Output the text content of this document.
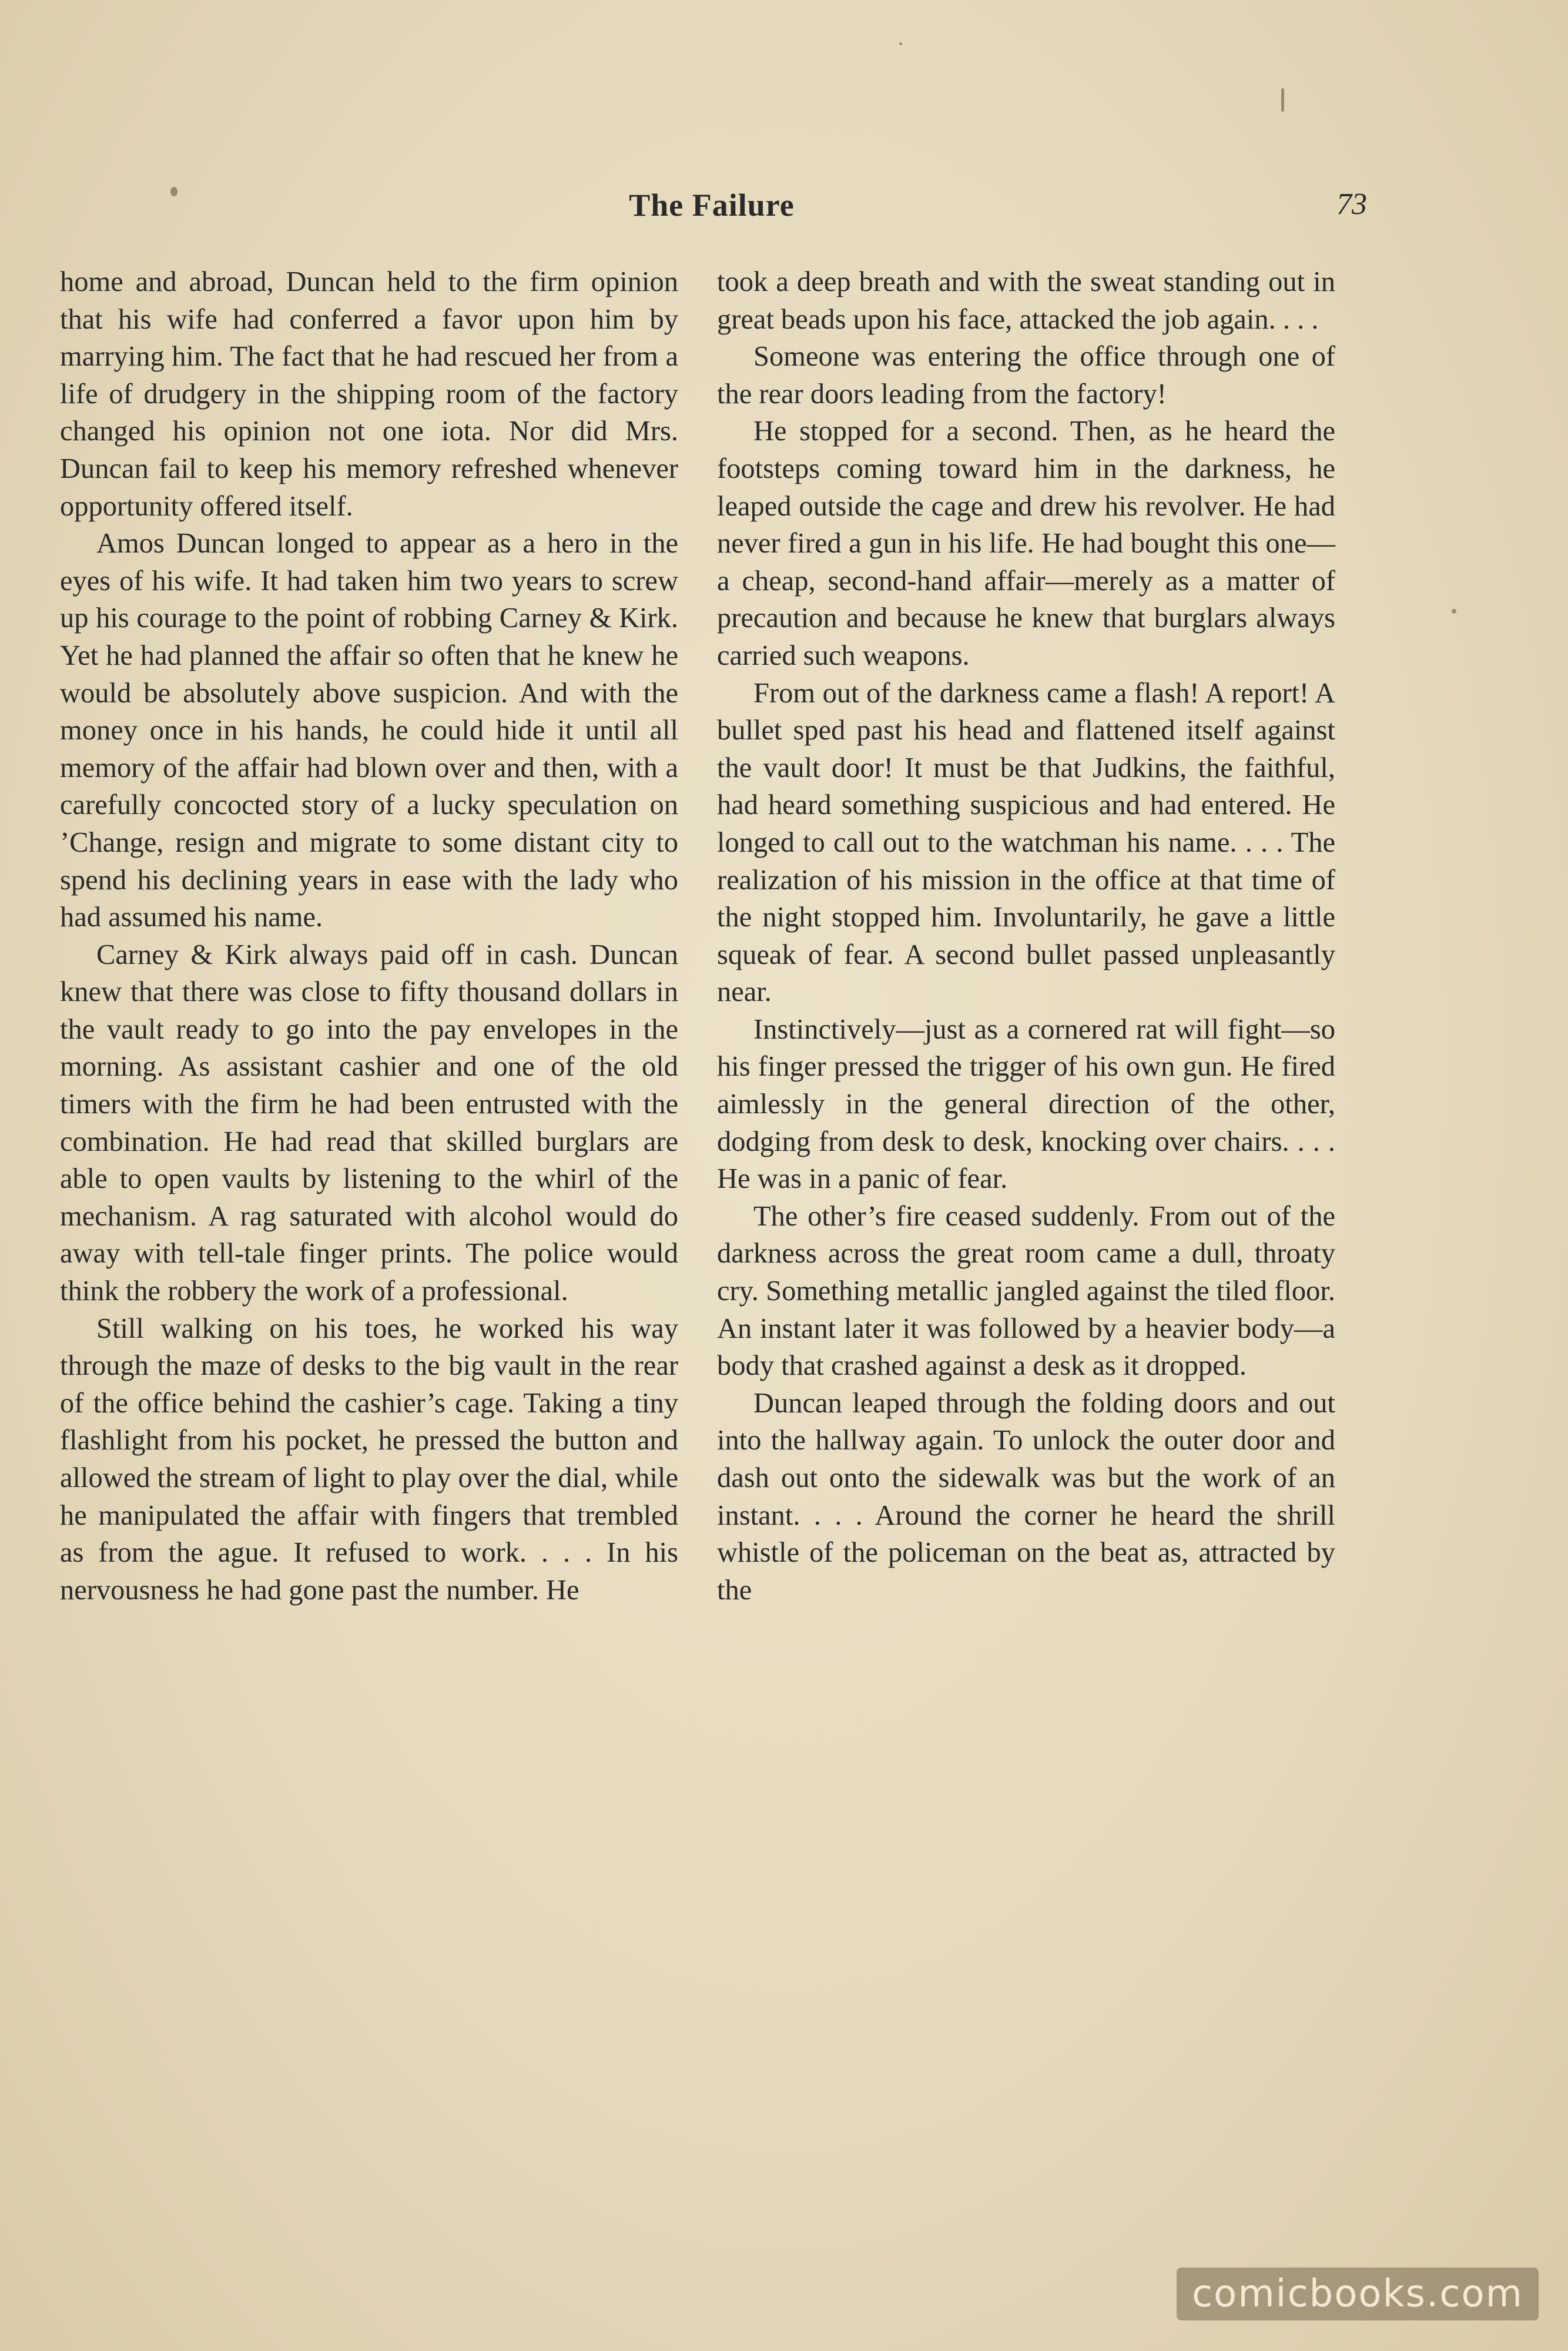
The Failure	73

home and abroad, Duncan held to the firm opinion that his wife had conferred a favor upon him by marrying him. The fact that he had rescued her from a life of drudgery in the shipping room of the factory changed his opinion not one iota. Nor did Mrs. Duncan fail to keep his memory refreshed whenever opportunity offered itself.

Amos Duncan longed to appear as a hero in the eyes of his wife. It had taken him two years to screw up his courage to the point of robbing Carney & Kirk. Yet he had planned the affair so often that he knew he would be absolutely above suspicion. And with the money once in his hands, he could hide it until all memory of the affair had blown over and then, with a carefully concocted story of a lucky speculation on ’Change, resign and migrate to some distant city to spend his declining years in ease with the lady who had assumed his name.

Carney & Kirk always paid off in cash. Duncan knew that there was close to fifty thousand dollars in the vault ready to go into the pay envelopes in the morning. As assistant cashier and one of the old timers with the firm he had been entrusted with the combination. He had read that skilled burglars are able to open vaults by listening to the whirl of the mechanism. A rag saturated with alcohol would do away with tell-tale finger prints. The police would think the robbery the work of a professional.

Still walking on his toes, he worked his way through the maze of desks to the big vault in the rear of the office behind the cashier’s cage. Taking a tiny flashlight from his pocket, he pressed the button and allowed the stream of light to play over the dial, while he manipulated the affair with fingers that trembled as from the ague. It refused to work. . . . In his nervousness he had gone past the number. He

took a deep breath and with the sweat standing out in great beads upon his face, attacked the job again. . . .

Someone was entering the office through one of the rear doors leading from the factory!

He stopped for a second. Then, as he heard the footsteps coming toward him in the darkness, he leaped outside the cage and drew his revolver. He had never fired a gun in his life. He had bought this one—a cheap, second-hand affair—merely as a matter of precaution and because he knew that burglars always carried such weapons.

From out of the darkness came a flash! A report! A bullet sped past his head and flattened itself against the vault door! It must be that Judkins, the faithful, had heard something suspicious and had entered. He longed to call out to the watchman his name. . . . The realization of his mission in the office at that time of the night stopped him. Involuntarily, he gave a little squeak of fear. A second bullet passed unpleasantly near.

Instinctively—just as a cornered rat will fight—so his finger pressed the trigger of his own gun. He fired aimlessly in the general direction of the other, dodging from desk to desk, knocking over chairs. . . . He was in a panic of fear.

The other’s fire ceased suddenly. From out of the darkness across the great room came a dull, throaty cry. Something metallic jangled against the tiled floor. An instant later it was followed by a heavier body—a body that crashed against a desk as it dropped.

Duncan leaped through the folding doors and out into the hallway again. To unlock the outer door and dash out onto the sidewalk was but the work of an instant. . . . Around the corner he heard the shrill whistle of the policeman on the beat as, attracted by the

comicbooks.com
